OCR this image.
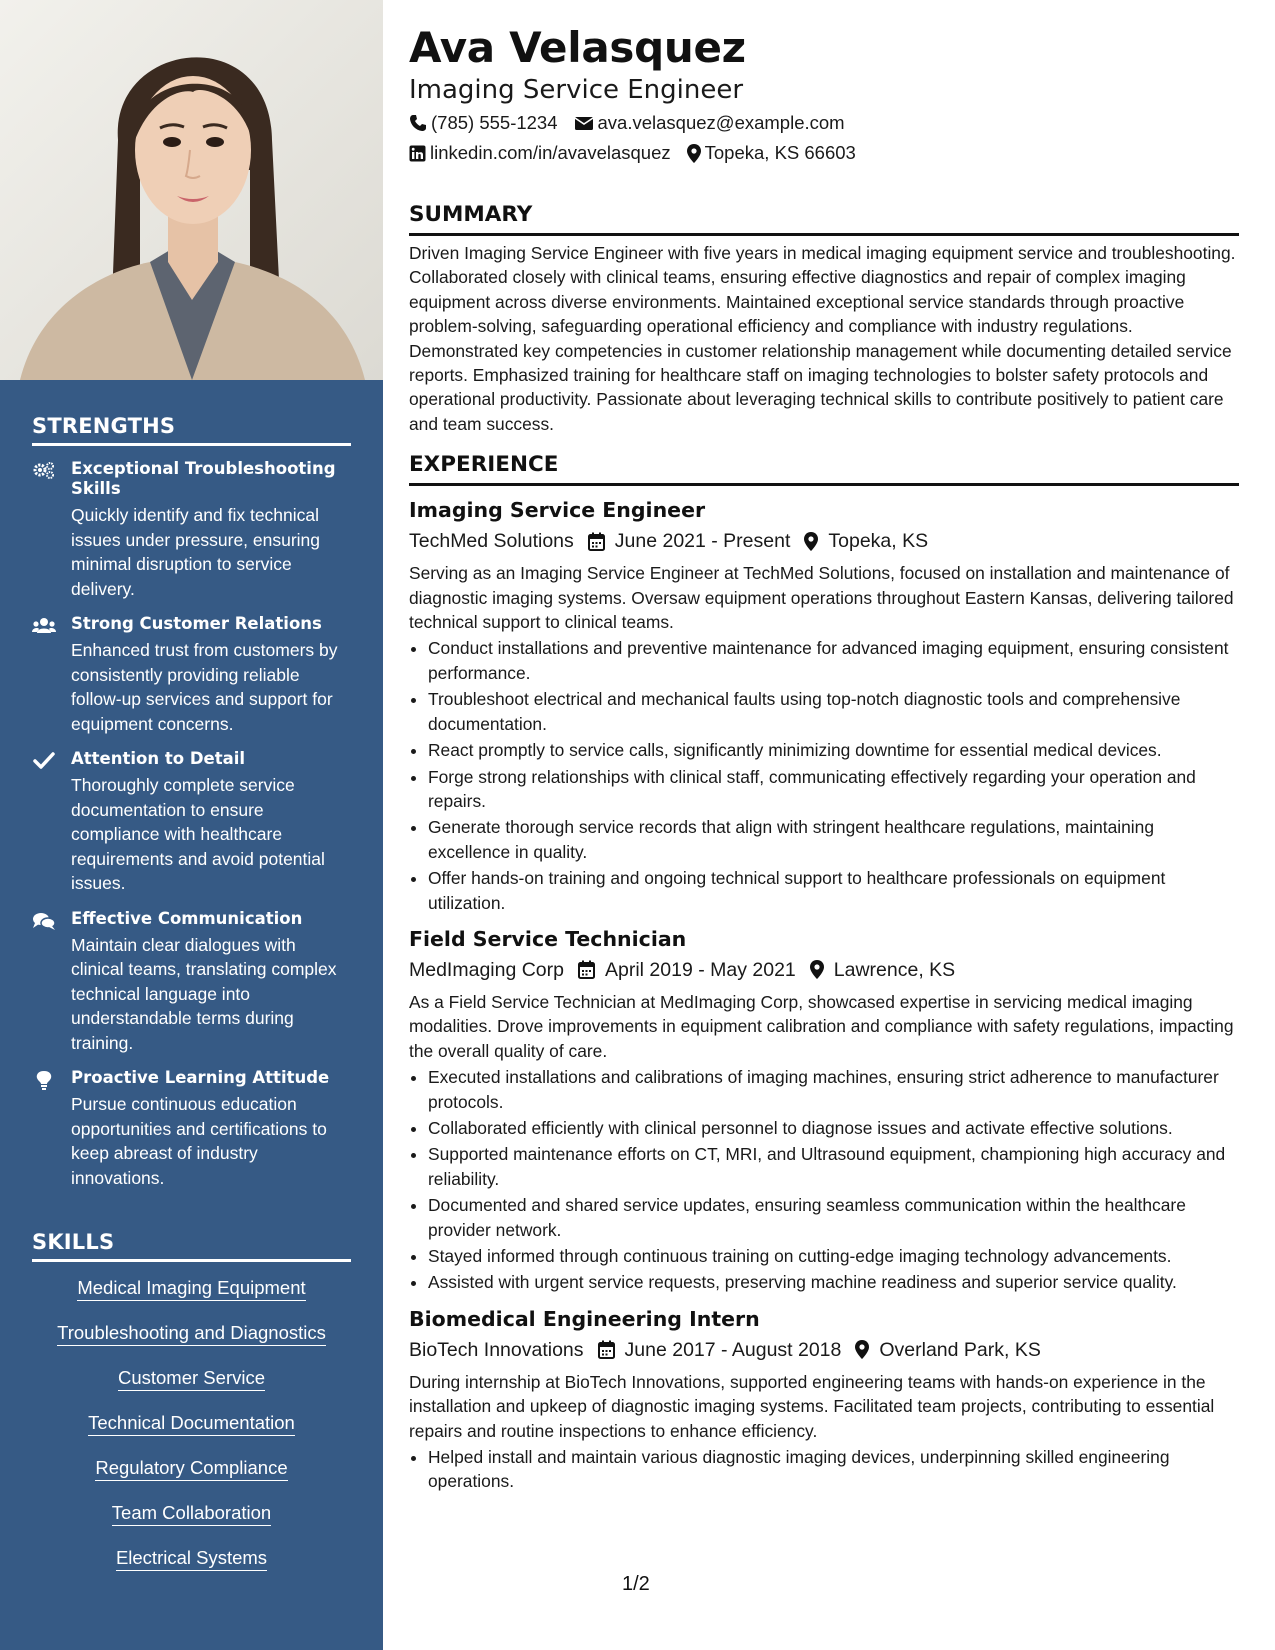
STRENGTHS
Exceptional Troubleshooting Skills
Quickly identify and fix technical issues under pressure, ensuring minimal disruption to service delivery.
Strong Customer Relations
Enhanced trust from customers by consistently providing reliable follow-up services and support for equipment concerns.
Attention to Detail
Thoroughly complete service documentation to ensure compliance with healthcare requirements and avoid potential issues.
Effective Communication
Maintain clear dialogues with clinical teams, translating complex technical language into understandable terms during training.
Proactive Learning Attitude
Pursue continuous education opportunities and certifications to keep abreast of industry innovations.
SKILLS
Medical Imaging Equipment
Troubleshooting and Diagnostics
Customer Service
Technical Documentation
Regulatory Compliance
Team Collaboration
Electrical Systems
Ava Velasquez
Imaging Service Engineer
(785) 555-1234 ava.velasquez@example.com
linkedin.com/in/avavelasquez Topeka, KS 66603
SUMMARY
Driven Imaging Service Engineer with five years in medical imaging equipment service and troubleshooting. Collaborated closely with clinical teams, ensuring effective diagnostics and repair of complex imaging equipment across diverse environments. Maintained exceptional service standards through proactive problem-solving, safeguarding operational efficiency and compliance with industry regulations. Demonstrated key competencies in customer relationship management while documenting detailed service reports. Emphasized training for healthcare staff on imaging technologies to bolster safety protocols and operational productivity. Passionate about leveraging technical skills to contribute positively to patient care and team success.
EXPERIENCE
Imaging Service Engineer
TechMed Solutions June 2021 - Present Topeka, KS
Serving as an Imaging Service Engineer at TechMed Solutions, focused on installation and maintenance of diagnostic imaging systems. Oversaw equipment operations throughout Eastern Kansas, delivering tailored technical support to clinical teams.
• Conduct installations and preventive maintenance for advanced imaging equipment, ensuring consistent performance.
• Troubleshoot electrical and mechanical faults using top-notch diagnostic tools and comprehensive documentation.
• React promptly to service calls, significantly minimizing downtime for essential medical devices.
• Forge strong relationships with clinical staff, communicating effectively regarding your operation and repairs.
• Generate thorough service records that align with stringent healthcare regulations, maintaining excellence in quality.
• Offer hands-on training and ongoing technical support to healthcare professionals on equipment utilization.
Field Service Technician
MedImaging Corp April 2019 - May 2021 Lawrence, KS
As a Field Service Technician at MedImaging Corp, showcased expertise in servicing medical imaging modalities. Drove improvements in equipment calibration and compliance with safety regulations, impacting the overall quality of care.
• Executed installations and calibrations of imaging machines, ensuring strict adherence to manufacturer protocols.
• Collaborated efficiently with clinical personnel to diagnose issues and activate effective solutions.
• Supported maintenance efforts on CT, MRI, and Ultrasound equipment, championing high accuracy and reliability.
• Documented and shared service updates, ensuring seamless communication within the healthcare provider network.
• Stayed informed through continuous training on cutting-edge imaging technology advancements.
• Assisted with urgent service requests, preserving machine readiness and superior service quality.
Biomedical Engineering Intern
BioTech Innovations June 2017 - August 2018 Overland Park, KS
During internship at BioTech Innovations, supported engineering teams with hands-on experience in the installation and upkeep of diagnostic imaging systems. Facilitated team projects, contributing to essential repairs and routine inspections to enhance efficiency.
• Helped install and maintain various diagnostic imaging devices, underpinning skilled engineering operations.
1/2
